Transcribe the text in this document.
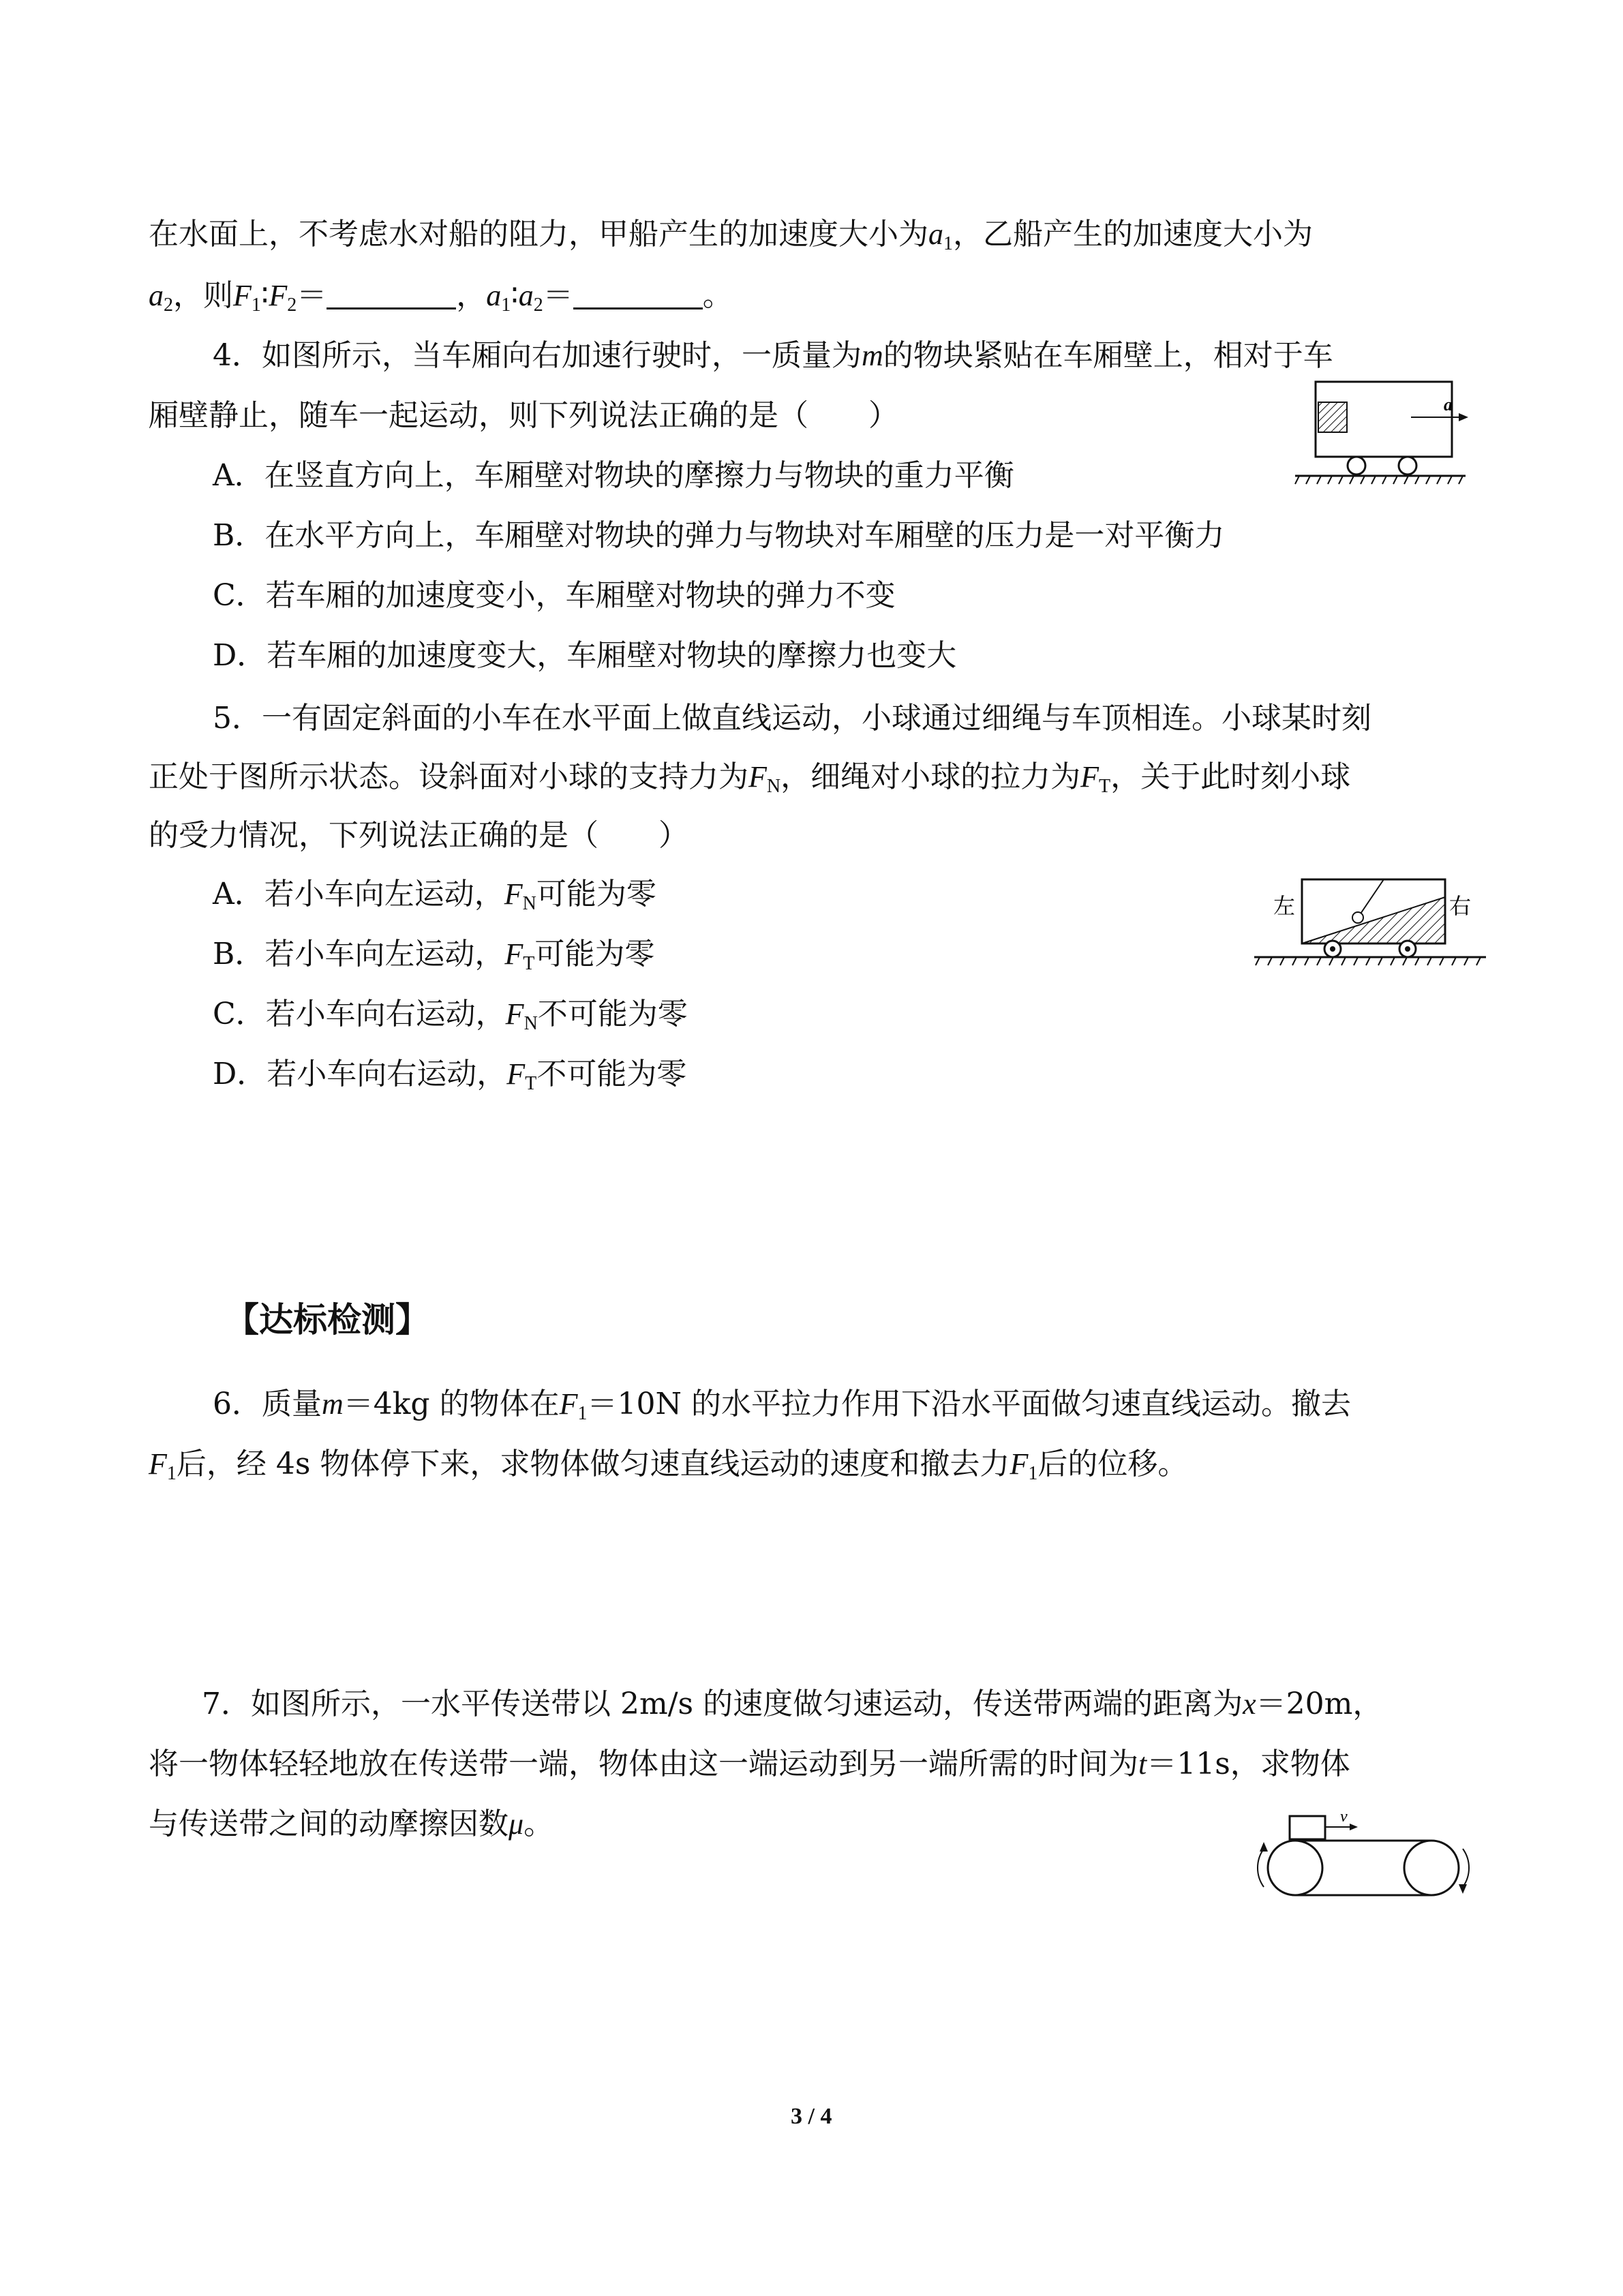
在水面上，不考虑水对船的阻力，甲船产生的加速度大小为$a_1$，乙船产生的加速度大小为
$a_2$，则$F_1∶F_2=$	，$a_1∶a_2=$	。
4．如图所示，当车厢向右加速行驶时，一质量为m的物块紧贴在车厢壁上，相对于车
厢壁静止，随车一起运动，则下列说法正确的是（　　）
A．在竖直方向上，车厢壁对物块的摩擦力与物块的重力平衡
B．在水平方向上，车厢壁对物块的弹力与物块对车厢壁的压力是一对平衡力
C．若车厢的加速度变小，车厢壁对物块的弹力不变
D．若车厢的加速度变大，车厢壁对物块的摩擦力也变大
a
5．一有固定斜面的小车在水平面上做直线运动，小球通过细绳与车顶相连。小球某时刻
正处于图所示状态。设斜面对小球的支持力为$F_N$，细绳对小球的拉力为$F_T$，关于此时刻小球
的受力情况，下列说法正确的是（　　）
A．若小车向左运动，$F_N$可能为零
B．若小车向左运动，$F_T$可能为零
C．若小车向右运动，$F_N$不可能为零
D．若小车向右运动，$F_T$不可能为零
左	右
【达标检测】
6．质量m＝4kg 的物体在$F_1=10N$ 的水平拉力作用下沿水平面做匀速直线运动。撤去
$F_1$后，经 4s 物体停下来，求物体做匀速直线运动的速度和撤去力$F_1$后的位移。
7．如图所示，一水平传送带以 2m/s 的速度做匀速运动，传送带两端的距离为x＝20m，
将一物体轻轻地放在传送带一端，物体由这一端运动到另一端所需的时间为t＝11s，求物体
与传送带之间的动摩擦因数μ。	v
3 / 4
